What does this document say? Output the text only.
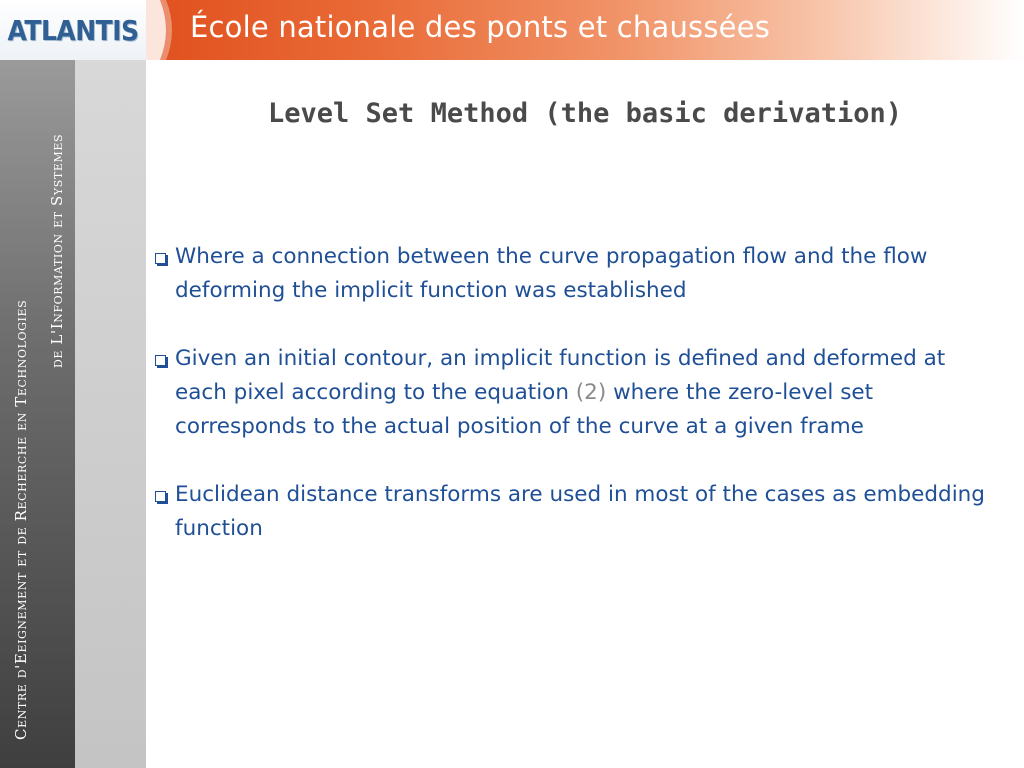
ATLANTIS École nationale des ponts et chaussées
Centre d'Eeignement et de Recherche en Technologies
de L'Information et Systemes
Level Set Method (the basic derivation)
Where a connection between the curve propagation flow and the flow deforming the implicit function was established
Given an initial contour, an implicit function is defined and deformed at each pixel according to the equation (2) where the zero-level set corresponds to the actual position of the curve at a given frame
Euclidean distance transforms are used in most of the cases as embedding function
